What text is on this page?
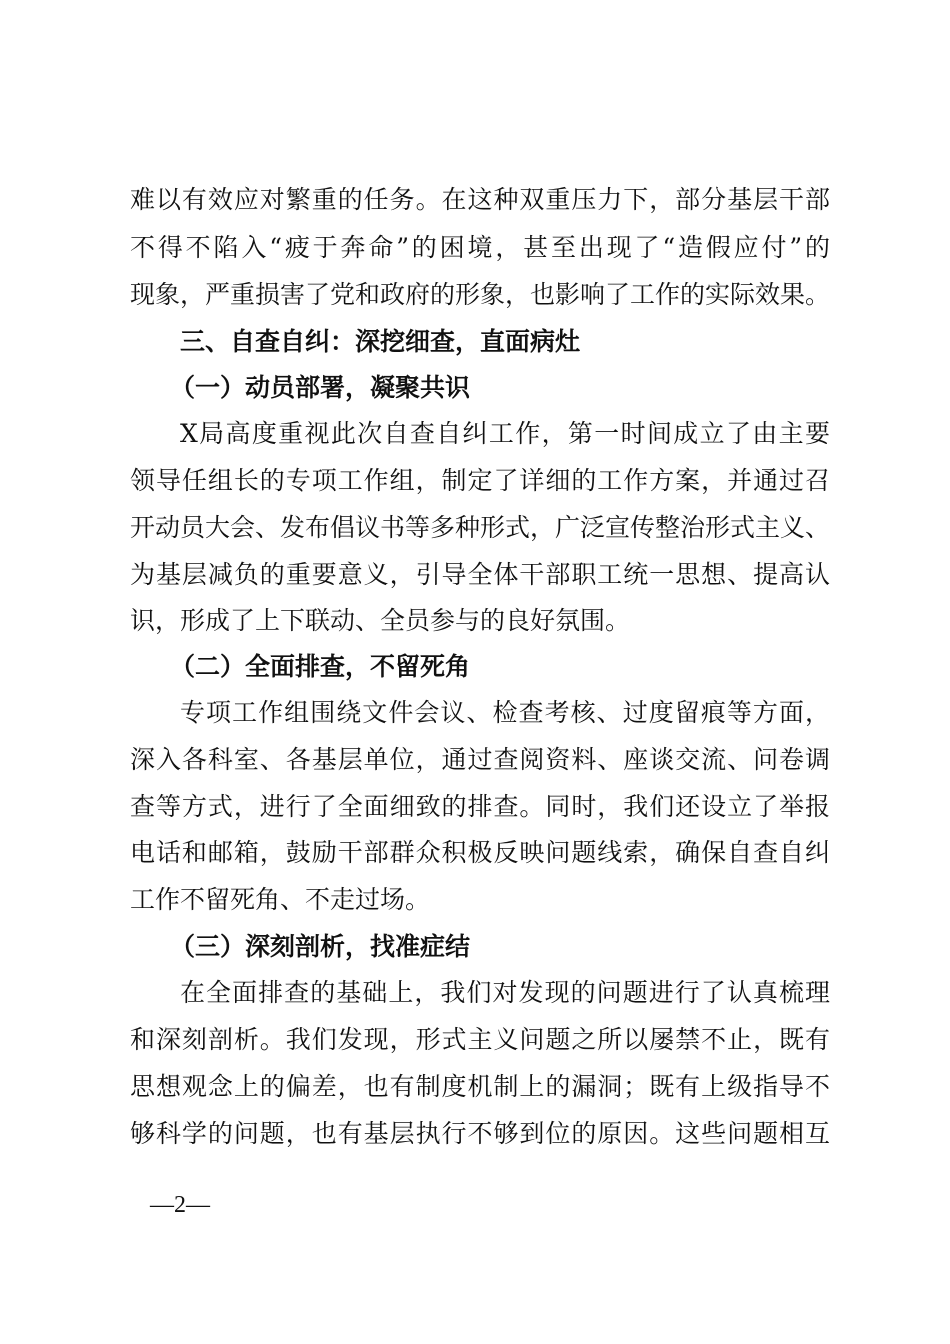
难以有效应对繁重的任务。在这种双重压力下，部分基层干部
不得不陷入“疲于奔命”的困境，甚至出现了“造假应付”的
现象，严重损害了党和政府的形象，也影响了工作的实际效果。
三、自查自纠：深挖细查，直面病灶
（一）动员部署，凝聚共识
X局高度重视此次自查自纠工作，第一时间成立了由主要
领导任组长的专项工作组，制定了详细的工作方案，并通过召
开动员大会、发布倡议书等多种形式，广泛宣传整治形式主义、
为基层减负的重要意义，引导全体干部职工统一思想、提高认
识，形成了上下联动、全员参与的良好氛围。
（二）全面排查，不留死角
专项工作组围绕文件会议、检查考核、过度留痕等方面，
深入各科室、各基层单位，通过查阅资料、座谈交流、问卷调
查等方式，进行了全面细致的排查。同时，我们还设立了举报
电话和邮箱，鼓励干部群众积极反映问题线索，确保自查自纠
工作不留死角、不走过场。
（三）深刻剖析，找准症结
在全面排查的基础上，我们对发现的问题进行了认真梳理
和深刻剖析。我们发现，形式主义问题之所以屡禁不止，既有
思想观念上的偏差，也有制度机制上的漏洞；既有上级指导不
够科学的问题，也有基层执行不够到位的原因。这些问题相互
—2—
